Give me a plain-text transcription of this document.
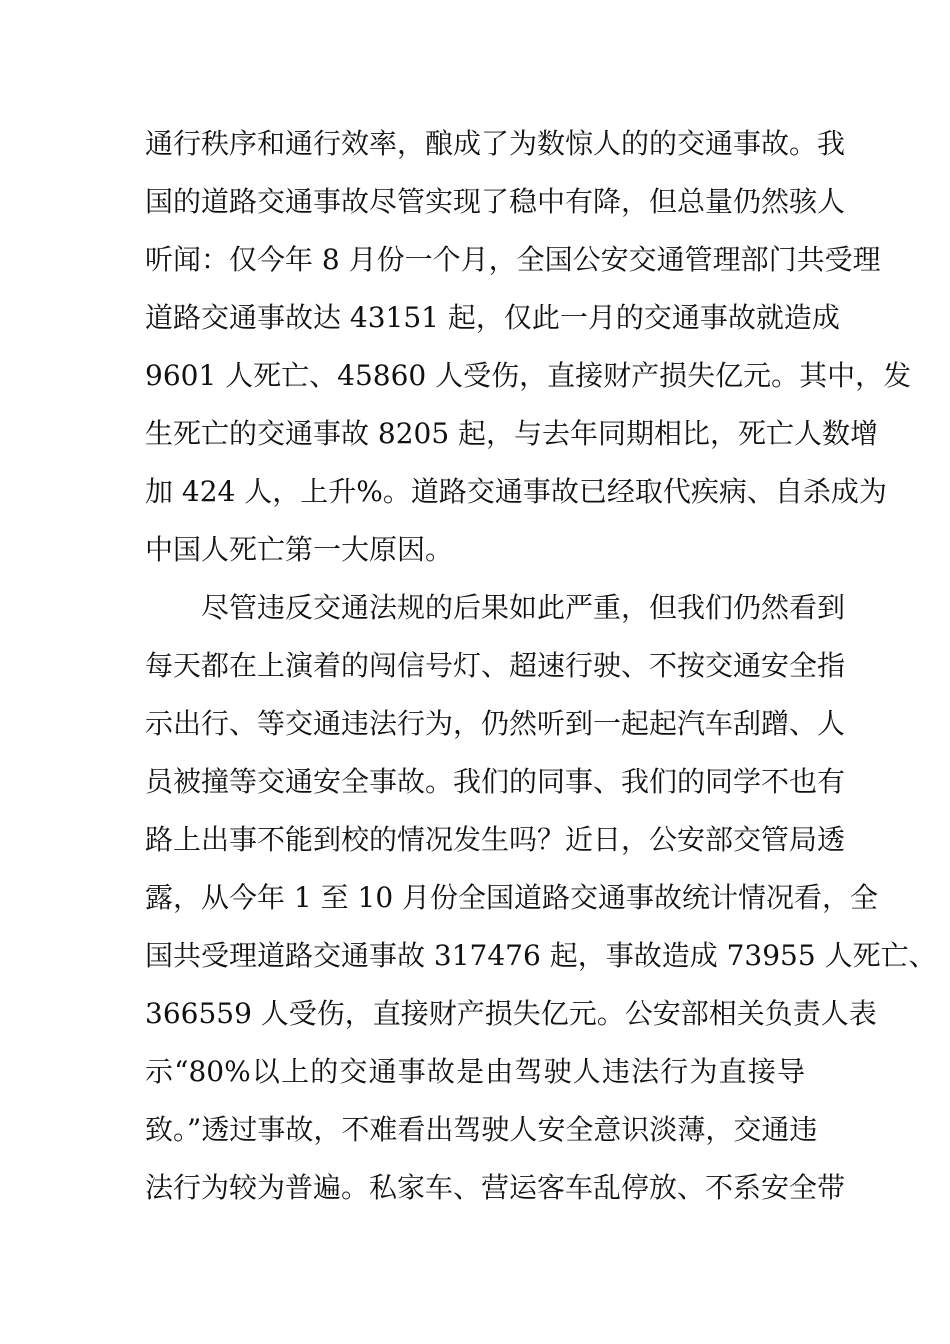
通行秩序和通行效率，酿成了为数惊人的的交通事故。我
国的道路交通事故尽管实现了稳中有降，但总量仍然骇人
听闻：仅今年 8 月份一个月，全国公安交通管理部门共受理
道路交通事故达 43151 起，仅此一月的交通事故就造成
9601 人死亡、45860 人受伤，直接财产损失亿元。其中，发
生死亡的交通事故 8205 起，与去年同期相比，死亡人数增
加 424 人，上升%。道路交通事故已经取代疾病、自杀成为
中国人死亡第一大原因。
尽管违反交通法规的后果如此严重，但我们仍然看到
每天都在上演着的闯信号灯、超速行驶、不按交通安全指
示出行、等交通违法行为，仍然听到一起起汽车刮蹭、人
员被撞等交通安全事故。我们的同事、我们的同学不也有
路上出事不能到校的情况发生吗？近日，公安部交管局透
露，从今年 1 至 10 月份全国道路交通事故统计情况看，全
国共受理道路交通事故 317476 起，事故造成 73955 人死亡、
366559 人受伤，直接财产损失亿元。公安部相关负责人表
示“80%以上的交通事故是由驾驶人违法行为直接导
致。”透过事故，不难看出驾驶人安全意识淡薄，交通违
法行为较为普遍。私家车、营运客车乱停放、不系安全带
